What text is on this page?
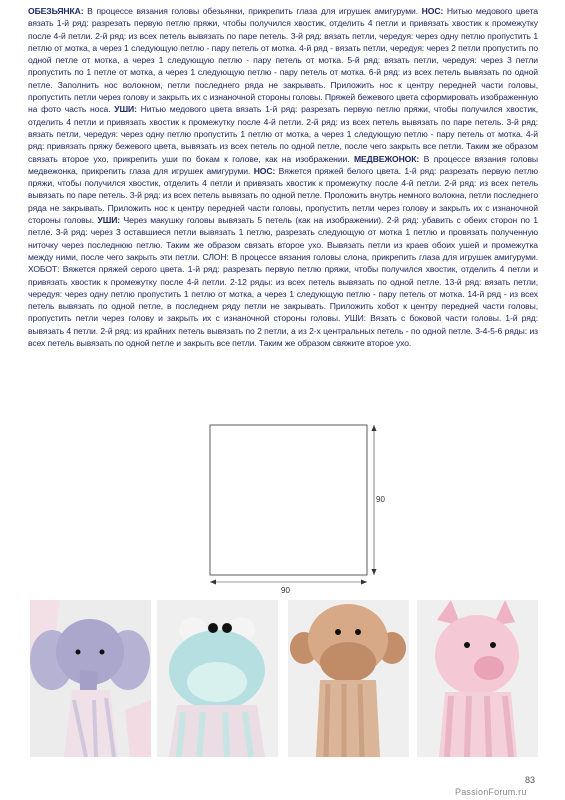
ОБЕЗЬЯНКА: В процессе вязания головы обезьянки, прикрепить глаза для игрушек амигуруми. НОС: Нитью медового цвета вязать 1-й ряд: разрезать первую петлю пряжи, чтобы получился хвостик, отделить 4 петли и привязать хвостик к промежутку после 4-й петли. 2-й ряд: из всех петель вывязать по паре петель. 3-й ряд: вязать петли, чередуя: через одну петлю пропустить 1 петлю от мотка, а через 1 следующую петлю - пару петель от мотка. 4-й ряд - вязать петли, чередуя: через 2 петли пропустить по одной петле от мотка, а через 1 следующую петлю - пару петель от мотка. 5-й ряд: вязать петли, чередуя: через 3 петли пропустить по 1 петле от мотка, а через 1 следующую петлю - пару петель от мотка. 6-й ряд: из всех петель вывязать по одной петле. Заполнить нос волокном, петли последнего ряда не закрывать. Приложить нос к центру передней части головы, пропустить петли через голову и закрыть их с изнаночной стороны головы. Пряжей бежевого цвета сформировать изображенную на фото часть носа. УШИ: Нитью медового цвета вязать 1-й ряд: разрезать первую петлю пряжи, чтобы получился хвостик, отделить 4 петли и привязать хвостик к промежутку после 4-й петли. 2-й ряд: из всех петель вывязать по паре петель. 3-й ряд: вязать петли, чередуя: через одну петлю пропустить 1 петлю от мотка, а через 1 следующую петлю - пару петель от мотка. 4-й ряд: привязать пряжу бежевого цвета, вывязать из всех петель по одной петле, после чего закрыть все петли. Таким же образом связать второе ухо, прикрепить уши по бокам к голове, как на изображении. МЕДВЕЖОНОК: В процессе вязания головы медвежонка, прикрепить глаза для игрушек амигуруми. НОС: Вяжется пряжей белого цвета. 1-й ряд: разрезать первую петлю пряжи, чтобы получился хвостик, отделить 4 петли и привязать хвостик к промежутку после 4-й петли. 2-й ряд: из всех петель вывязать по паре петель. 3-й ряд: из всех петель вывязать по одной петле. Проложить внутрь немного волокна, петли последнего ряда не закрывать. Приложить нос к центру передней части головы, пропустить петли через голову и закрыть их с изнаночной стороны головы. УШИ: Через макушку головы вывязать 5 петель (как на изображении). 2-й ряд: убавить с обеих сторон по 1 петле. 3-й ряд: через 3 оставшиеся петли вывязать 1 петлю, разрезать следующую от мотка 1 петлю и провязать полученную ниточку через последнюю петлю. Таким же образом связать второе ухо. Вывязать петли из краев обоих ушей и промежутка между ними, после чего закрыть эти петли. СЛОН: В процессе вязания головы слона, прикрепить глаза для игрушек амигуруми. ХОБОТ: Вяжется пряжей серого цвета. 1-й ряд: разрезать первую петлю пряжи, чтобы получился хвостик, отделить 4 петли и привязать хвостик к промежутку после 4-й петли. 2-12 ряды: из всех петель вывязать по одной петле. 13-й ряд: вязать петли, чередуя: через одну петлю пропустить 1 петлю от мотка, а через 1 следующую петлю - пару петель от мотка. 14-й ряд - из всех петель вывязать по одной петле, в последнем ряду петли не закрывать. Приложить хобот к центру передней части головы, пропустить петли через голову и закрыть их с изнаночной стороны головы. УШИ: Вязать с боковой части головы. 1-й ряд: вывязать 4 петли. 2-й ряд: из крайних петель вывязать по 2 петли, а из 2-х центральных петель - по одной петле. 3-4-5-6 ряды: из всех петель вывязать по одной петле и закрыть все петли. Таким же образом свяжите второе ухо.

90
90
83
PassionForum.ru
